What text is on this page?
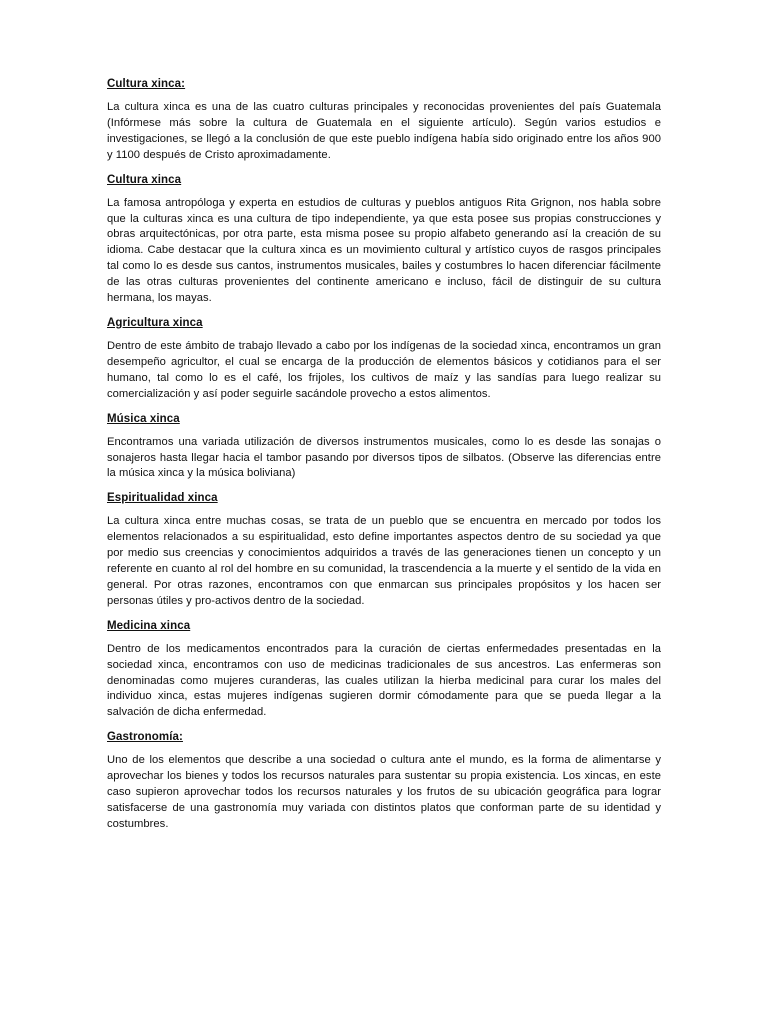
Cultura xinca:

La cultura xinca es una de las cuatro culturas principales y reconocidas provenientes del país Guatemala (Infórmese más sobre la cultura de Guatemala en el siguiente artículo). Según varios estudios e investigaciones, se llegó a la conclusión de que este pueblo indígena había sido originado entre los años 900 y 1100 después de Cristo aproximadamente.

Cultura xinca

La famosa antropóloga y experta en estudios de culturas y pueblos antiguos Rita Grignon, nos habla sobre que la culturas xinca es una cultura de tipo independiente, ya que esta posee sus propias construcciones y obras arquitectónicas, por otra parte, esta misma posee su propio alfabeto generando así la creación de su idioma. Cabe destacar que la cultura xinca es un movimiento cultural y artístico cuyos de rasgos principales tal como lo es desde sus cantos, instrumentos musicales, bailes y costumbres lo hacen diferenciar fácilmente de las otras culturas provenientes del continente americano e incluso, fácil de distinguir de su cultura hermana, los mayas.

Agricultura xinca

Dentro de este ámbito de trabajo llevado a cabo por los indígenas de la sociedad xinca, encontramos un gran desempeño agricultor, el cual se encarga de la producción de elementos básicos y cotidianos para el ser humano, tal como lo es el café, los frijoles, los cultivos de maíz y las sandías para luego realizar su comercialización y así poder seguirle sacándole provecho a estos alimentos.

Música xinca

Encontramos una variada utilización de diversos instrumentos musicales, como lo es desde las sonajas o sonajeros hasta llegar hacia el tambor pasando por diversos tipos de silbatos. (Observe las diferencias entre la música xinca y la música boliviana)

Espiritualidad xinca

La cultura xinca entre muchas cosas, se trata de un pueblo que se encuentra en mercado por todos los elementos relacionados a su espiritualidad, esto define importantes aspectos dentro de su sociedad ya que por medio sus creencias y conocimientos adquiridos a través de las generaciones tienen un concepto y un referente en cuanto al rol del hombre en su comunidad, la trascendencia a la muerte y el sentido de la vida en general. Por otras razones, encontramos con que enmarcan sus principales propósitos y los hacen ser personas útiles y pro-activos dentro de la sociedad.

Medicina xinca

Dentro de los medicamentos encontrados para la curación de ciertas enfermedades presentadas en la sociedad xinca, encontramos con uso de medicinas tradicionales de sus ancestros. Las enfermeras son denominadas como mujeres curanderas, las cuales utilizan la hierba medicinal para curar los males del individuo xinca, estas mujeres indígenas sugieren dormir cómodamente para que se pueda llegar a la salvación de dicha enfermedad.

Gastronomía:

Uno de los elementos que describe a una sociedad o cultura ante el mundo, es la forma de alimentarse y aprovechar los bienes y todos los recursos naturales para sustentar su propia existencia. Los xincas, en este caso supieron aprovechar todos los recursos naturales y los frutos de su ubicación geográfica para lograr satisfacerse de una gastronomía muy variada con distintos platos que conforman parte de su identidad y costumbres.
